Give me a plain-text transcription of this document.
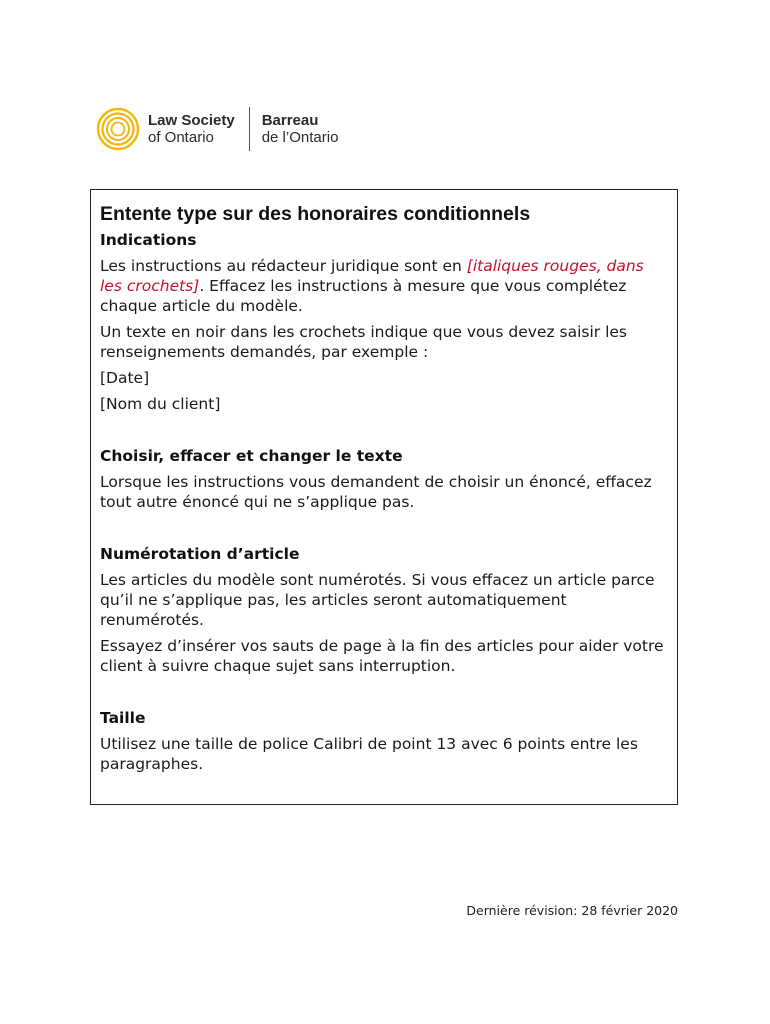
Law Society
of Ontario
Barreau
de l’Ontario
Entente type sur des honoraires conditionnels
Indications

Les instructions au rédacteur juridique sont en [italiques rouges, dans les crochets]. Effacez les instructions à mesure que vous complétez chaque article du modèle.

Un texte en noir dans les crochets indique que vous devez saisir les renseignements demandés, par exemple :

[Date]

[Nom du client]

Choisir, effacer et changer le texte

Lorsque les instructions vous demandent de choisir un énoncé, effacez tout autre énoncé qui ne s’applique pas.

Numérotation d’article

Les articles du modèle sont numérotés. Si vous effacez un article parce qu’il ne s’applique pas, les articles seront automatiquement renumérotés.

Essayez d’insérer vos sauts de page à la fin des articles pour aider votre client à suivre chaque sujet sans interruption.

Taille

Utilisez une taille de police Calibri de point 13 avec 6 points entre les paragraphes.

Dernière révision: 28 février 2020
